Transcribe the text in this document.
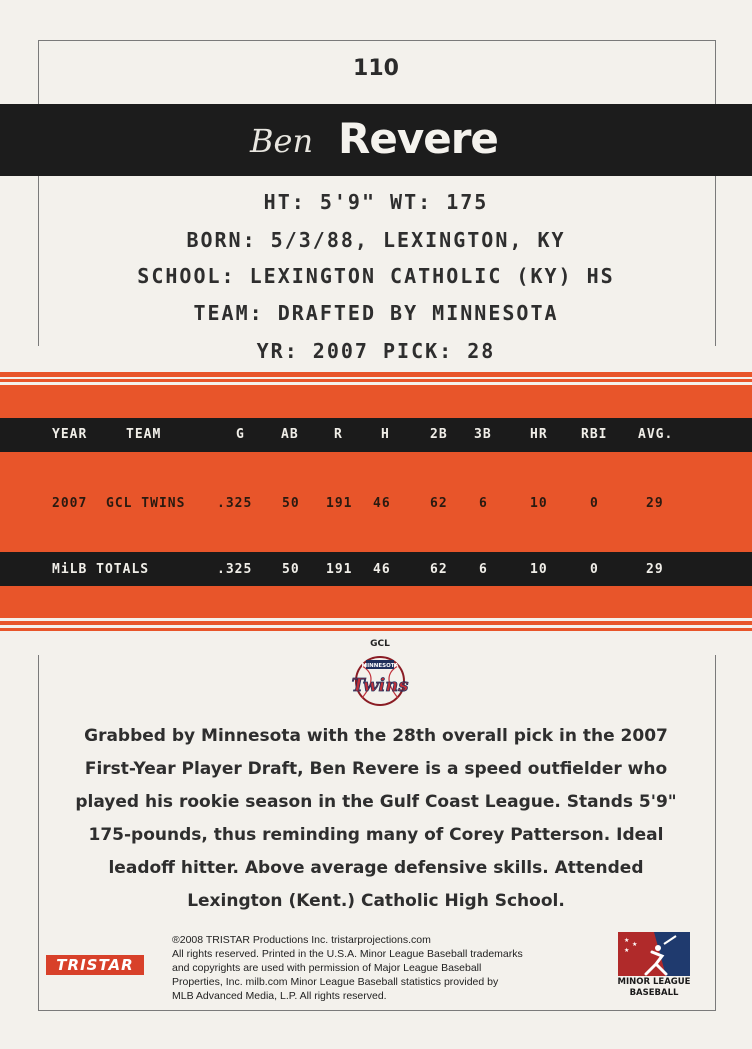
110
Ben Revere
HT: 5'9" WT: 175
BORN: 5/3/88, LEXINGTON, KY
SCHOOL: LEXINGTON CATHOLIC (KY) HS
TEAM: DRAFTED BY MINNESOTA
YR: 2007 PICK: 28
YEAR	TEAM	G	AB	R	H	2B 3B	HR	RBI AVG.
2007 GCL TWINS .325 50 191 46	62 6	10	0	29
MiLB TOTALS	.325 50 191 46	62 6	10	0	29
GCL
MINNESOTA
Twins
Grabbed by Minnesota with the 28th overall pick in the 2007 First-Year Player Draft, Ben Revere is a speed outfielder who played his rookie season in the Gulf Coast League. Stands 5'9" 175-pounds, thus reminding many of Corey Patterson. Ideal leadoff hitter. Above average defensive skills. Attended Lexington (Kent.) Catholic High School.
TRISTAR
®2008 TRISTAR Productions Inc. tristarprojections.com
All rights reserved. Printed in the U.S.A. Minor League Baseball trademarks
and copyrights are used with permission of Major League Baseball
Properties, Inc. milb.com Minor League Baseball statistics provided by
MLB Advanced Media, L.P. All rights reserved.
★
★
★
MINOR LEAGUE
BASEBALL
